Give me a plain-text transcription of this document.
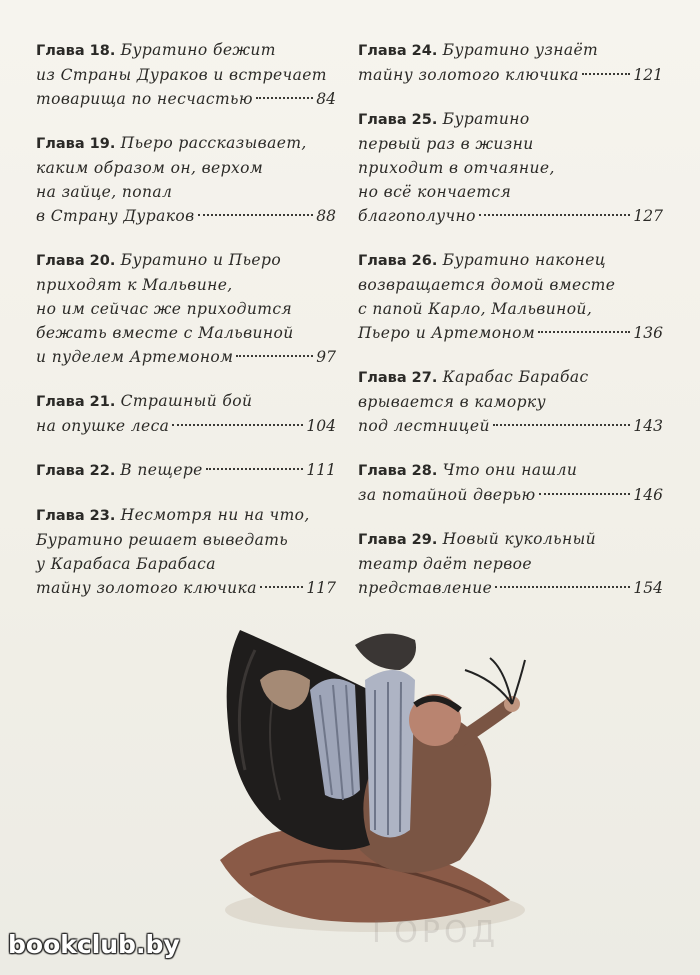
Глава 18. Буратино бежит
из Страны Дураков и встречает
товарища по несчастью	84
Глава 19. Пьеро рассказывает,
каким образом он, верхом
на зайце, попал
в Страну Дураков	88
Глава 20. Буратино и Пьеро
приходят к Мальвине,
но им сейчас же приходится
бежать вместе с Мальвиной
и пуделем Артемоном	97
Глава 21. Страшный бой
на опушке леса	104
Глава 22.
В пещере	111
Глава 23. Несмотря ни на что,
Буратино решает выведать
у Карабаса Барабаса
тайну золотого ключика	117
Глава 24. Буратино узнаёт
тайну золотого ключика	121
Глава 25. Буратино
первый раз в жизни
приходит в отчаяние,
но всё кончается
благополучно	127
Глава 26. Буратино наконец
возвращается домой вместе
с папой Карло, Мальвиной,
Пьеро и Артемоном	136
Глава 27. Карабас Барабас
врывается в каморку
под лестницей	143
Глава 28. Что они нашли
за потайной дверью	146
Глава 29. Новый кукольный
театр даёт первое
представление	154
ГОРОД
bookclub.by
